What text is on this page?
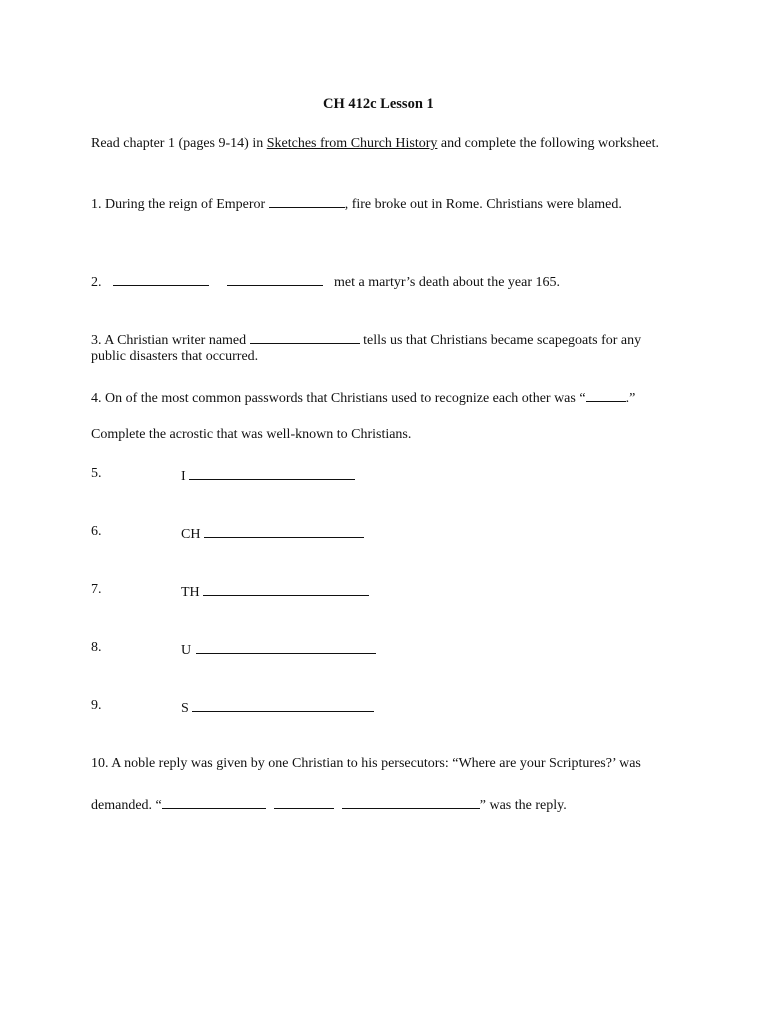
CH 412c Lesson 1
Read chapter 1 (pages 9-14) in Sketches from Church History and complete the following worksheet.
1. During the reign of Emperor	, fire broke out in Rome. Christians were blamed.
2.	met a martyr’s death about the year 165.
3. A Christian writer named	tells us that Christians became scapegoats for any
public disasters that occurred.
4. On of the most common passwords that Christians used to recognize each other was “	.”
Complete the acrostic that was well-known to Christians.
5.	I
6.	CH
7.	TH
8.	U
9.	S
10. A noble reply was given by one Christian to his persecutors: “Where are your Scriptures?’ was
demanded. “	” was the reply.
